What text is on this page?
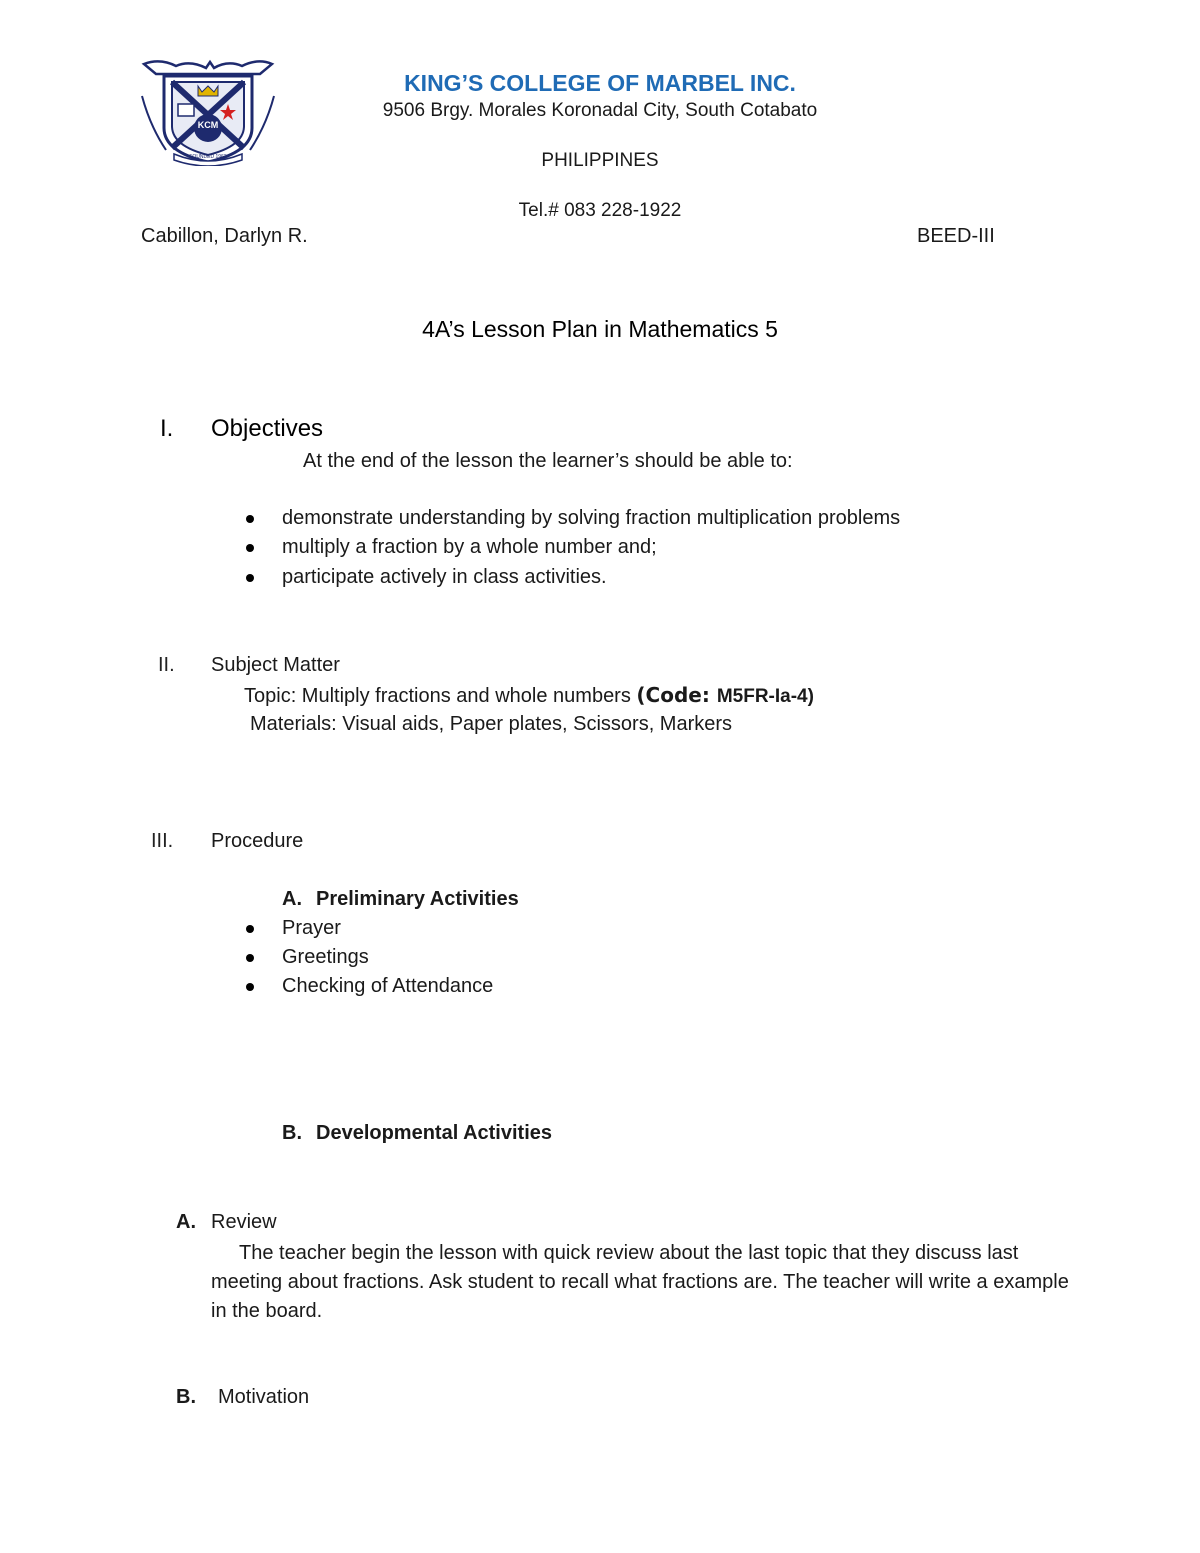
KCM
FOUNDED 1962
KING’S COLLEGE OF MARBEL INC.
9506 Brgy. Morales Koronadal City, South Cotabato
PHILIPPINES
Tel.# 083 228-1922
Cabillon, Darlyn R.	BEED-III
4A’s Lesson Plan in Mathematics 5
I. Objectives
At the end of the lesson the learner’s should be able to:
demonstrate understanding by solving fraction multiplication problems
multiply a fraction by a whole number and;
participate actively in class activities.
II. Subject Matter
Topic: Multiply fractions and whole numbers (Code: M5FR-Ia-4)
Materials: Visual aids, Paper plates, Scissors, Markers
III. Procedure
A. Preliminary Activities
Prayer
Greetings
Checking of Attendance
B. Developmental Activities
A. Review
The teacher begin the lesson with quick review about the last topic that they discuss last meeting about fractions. Ask student to recall what fractions are. The teacher will write a example in the board.
B. Motivation
